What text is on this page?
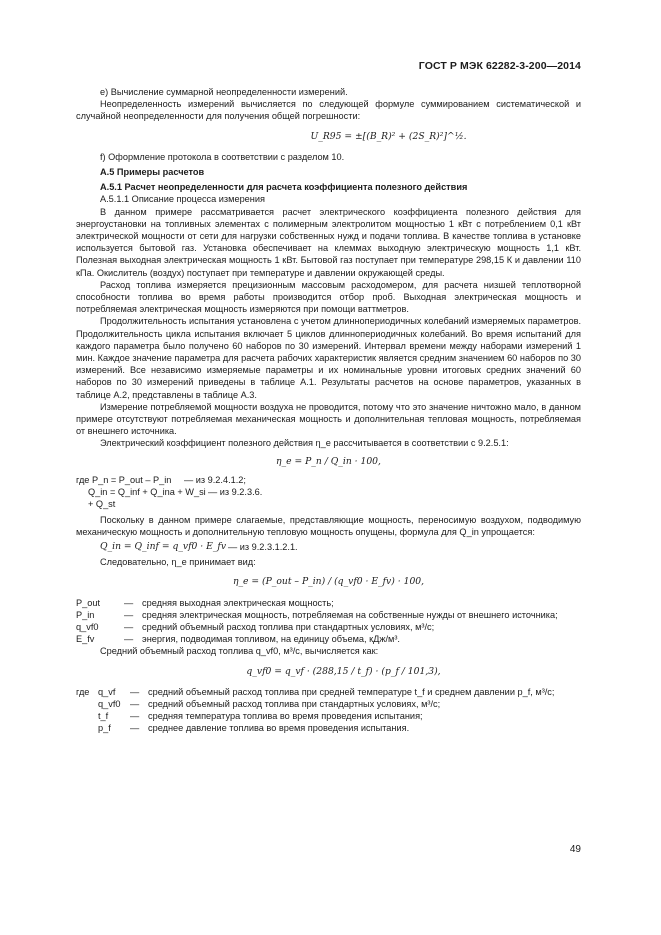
ГОСТ Р МЭК 62282-3-200—2014

е) Вычисление суммарной неопределенности измерений.

Неопределенность измерений вычисляется по следующей формуле суммированием систематической и случайной неопределенности для получения общей погрешности:

U_R95 = ±[(B_R)² + (2S_R)²]^½.

f) Оформление протокола в соответствии с разделом 10.

А.5 Примеры расчетов

А.5.1 Расчет неопределенности для расчета коэффициента полезного действия

А.5.1.1 Описание процесса измерения

В данном примере рассматривается расчет электрического коэффициента полезного действия для энергоустановки на топливных элементах с полимерным электролитом мощностью 1 кВт с потреблением 0,1 кВт электрической мощности от сети для нагрузки собственных нужд и подачи топлива. В качестве топлива в установке используется бытовой газ. Установка обеспечивает на клеммах выходную электрическую мощность 1,1 кВт. Полезная выходная электрическая мощность 1 кВт. Бытовой газ поступает при температуре 298,15 К и давлении 110 кПа. Окислитель (воздух) поступает при температуре и давлении окружающей среды.

Расход топлива измеряется прецизионным массовым расходомером, для расчета низшей теплотворной способности топлива во время работы производится отбор проб. Выходная электрическая мощность и потребляемая электрическая мощность измеряются при помощи ваттметров.

Продолжительность испытания установлена с учетом длиннопериодичных колебаний измеряемых параметров. Продолжительность цикла испытания включает 5 циклов длиннопериодичных колебаний. Во время испытаний для каждого параметра было получено 60 наборов по 30 измерений. Интервал времени между наборами измерений 1 мин. Каждое значение параметра для расчета рабочих характеристик является средним значением 60 наборов по 30 измерений. Все независимо измеряемые параметры и их номинальные уровни итоговых средних значений 60 наборов по 30 измерений приведены в таблице А.1. Результаты расчетов на основе параметров, указанных в таблице А.2, представлены в таблице А.3.

Измерение потребляемой мощности воздуха не проводится, потому что это значение ничтожно мало, в данном примере отсутствуют потребляемая механическая мощность и дополнительная тепловая мощность, потребляемая от внешнего источника.

Электрический коэффициент полезного действия η_e рассчитывается в соответствии с 9.2.5.1:

η_e = P_n / Q_in · 100,

где P_n = P_out – P_in	— из 9.2.4.1.2;
Q_in = Q_inf + Q_ina + W_si + Q_st
— из 9.2.3.6.

Поскольку в данном примере слагаемые, представляющие мощность, переносимую воздухом, подводимую механическую мощность и дополнительную тепловую мощность опущены, формула для Q_in упрощается:

Q_in = Q_inf = q_vf0 · E_fv — из 9.2.3.1.2.1.

Следовательно, η_e принимает вид:

η_e = (P_out – P_in) / (q_vf0 · E_fv) · 100,

P_out	— средняя выходная электрическая мощность;
P_in	— средняя электрическая мощность, потребляемая на собственные нужды от внешнего источника;
q_vf0	— средний объемный расход топлива при стандартных условиях, м³/с;
E_fv	— энергия, подводимая топливом, на единицу объема, кДж/м³.

Средний объемный расход топлива q_vf0, м³/с, вычисляется как:

q_vf0 = q_vf · (288,15 / t_f) · (p_f / 101,3),

где q_vf	— средний объемный расход топлива при средней температуре t_f и среднем давлении p_f, м³/с;
q_vf0	— средний объемный расход топлива при стандартных условиях, м³/с;
t_f	— средняя температура топлива во время проведения испытания;
p_f	— среднее давление топлива во время проведения испытания.
49
